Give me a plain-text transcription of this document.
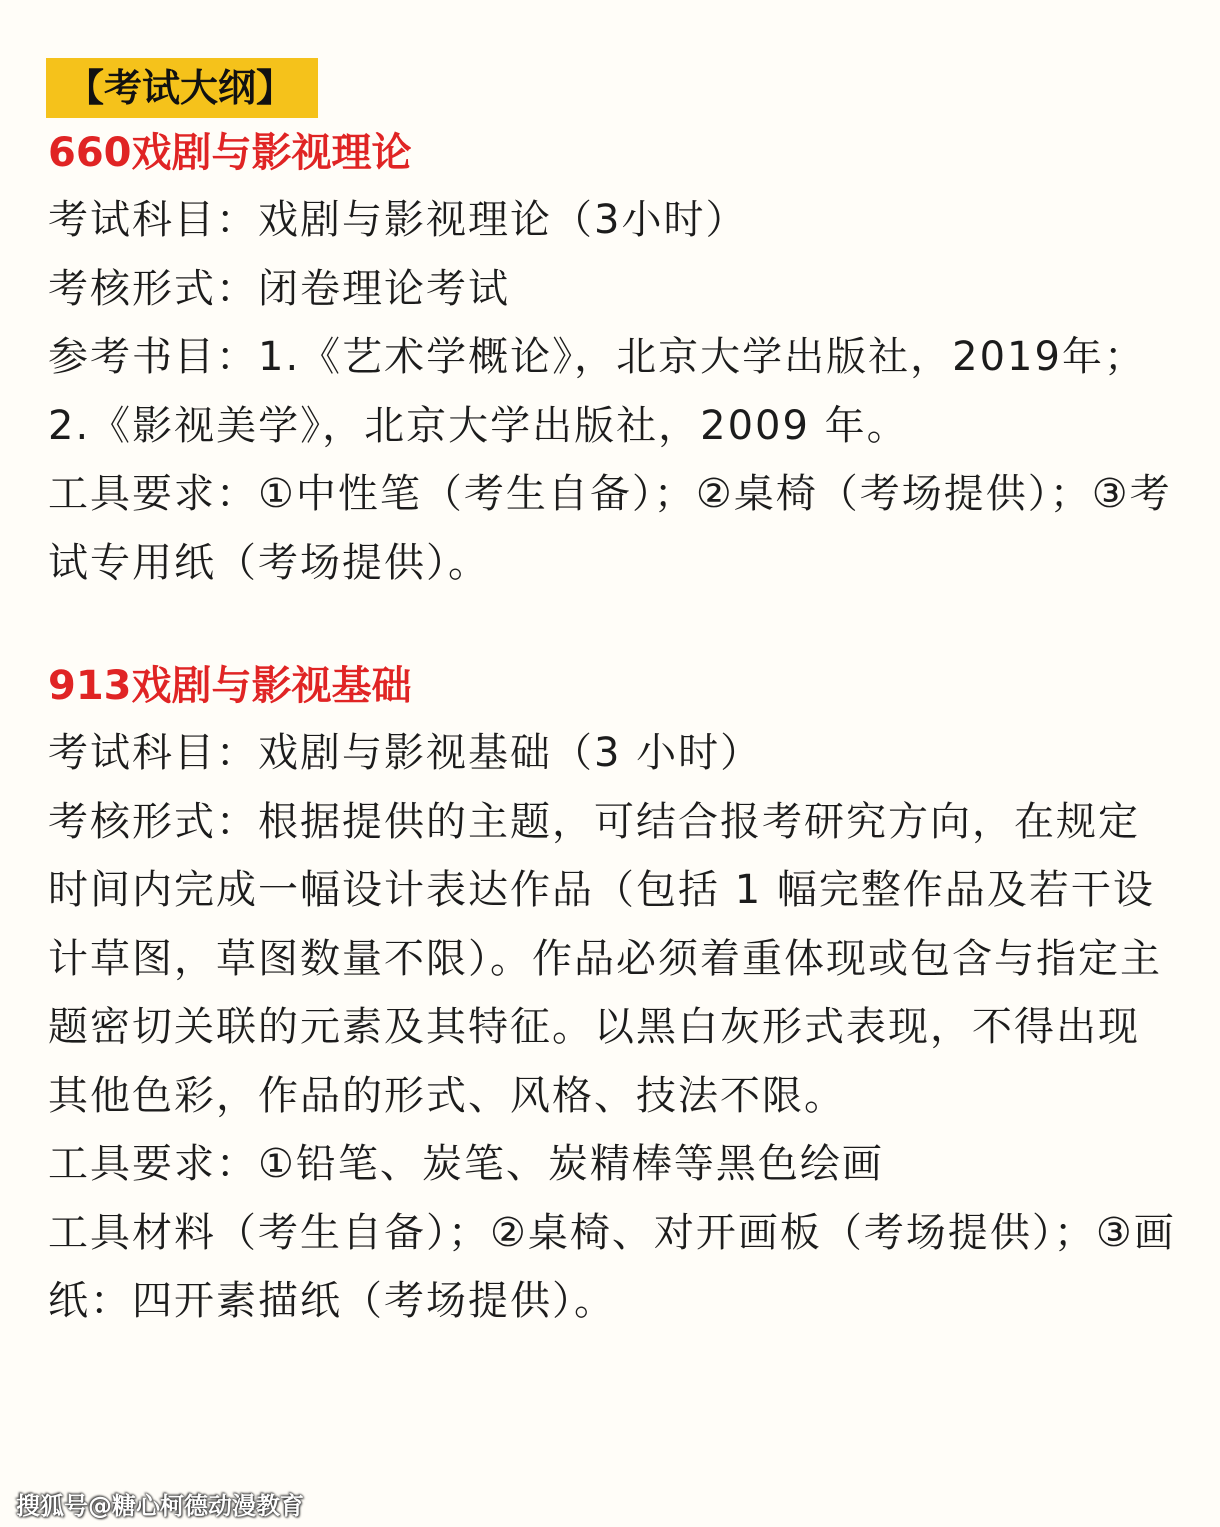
【考试大纲】
660戏剧与影视理论

考试科目：戏剧与影视理论（3小时）

考核形式：闭卷理论考试

参考书目：1.《艺术学概论》，北京大学出版社，2019年；

2.《影视美学》，北京大学出版社，2009 年。

工具要求：①中性笔（考生自备）；②桌椅（考场提供）；③考试专用纸（考场提供）。

913戏剧与影视基础

考试科目：戏剧与影视基础（3 小时）

考核形式：根据提供的主题，可结合报考研究方向，在规定时间内完成一幅设计表达作品（包括 1 幅完整作品及若干设计草图，草图数量不限）。作品必须着重体现或包含与指定主题密切关联的元素及其特征。以黑白灰形式表现，不得出现其他色彩，作品的形式、风格、技法不限。

工具要求：①铅笔、炭笔、炭精棒等黑色绘画

工具材料（考生自备）；②桌椅、对开画板（考场提供）；③画纸：四开素描纸（考场提供）。

搜狐号@糖心柯德动漫教育
